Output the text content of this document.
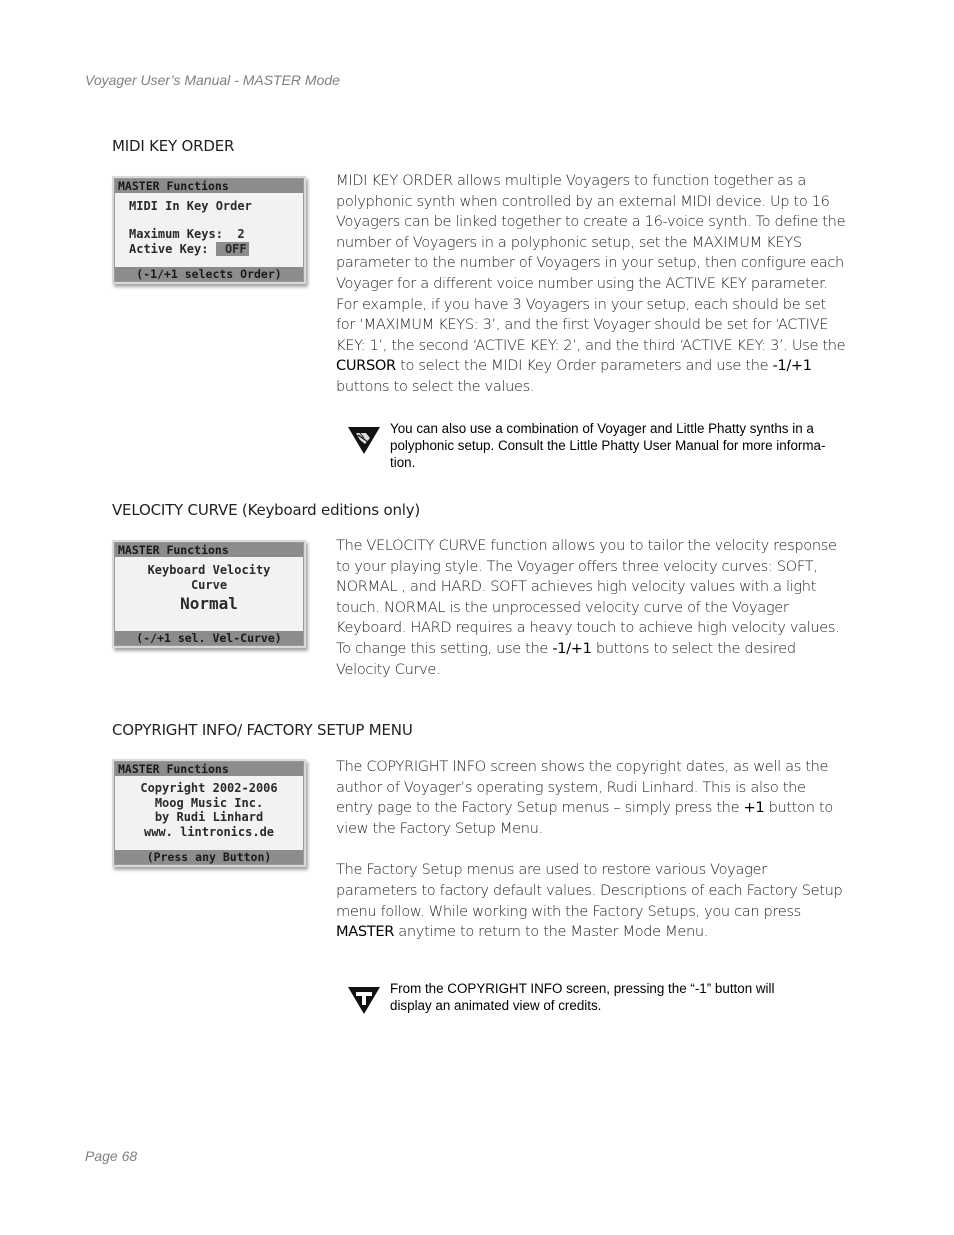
Voyager User’s Manual - MASTER Mode
MIDI KEY ORDER
MASTER Functions
MIDI In Key Order
Maximum Keys:  2
Active Key:  OFF
(-1/+1 selects Order)

MIDI KEY ORDER allows multiple Voyagers to function together as a polyphonic synth when controlled by an external MIDI device. Up to 16 Voyagers can be linked together to create a 16-voice synth. To define the number of Voyagers in a polyphonic setup, set the MAXIMUM KEYS parameter to the number of Voyagers in your setup, then configure each Voyager for a different voice number using the ACTIVE KEY parameter. For example, if you have 3 Voyagers in your setup, each should be set for ‘MAXIMUM KEYS: 3’, and the first Voyager should be set for ‘ACTIVE KEY: 1’, the second ‘ACTIVE KEY: 2’, and the third ‘ACTIVE KEY: 3’. Use the CURSOR to select the MIDI Key Order parameters and use the -1/+1 buttons to select the values.

You can also use a combination of Voyager and Little Phatty synths in a polyphonic setup. Consult the Little Phatty User Manual for more informa-tion.
VELOCITY CURVE (Keyboard editions only)
MASTER Functions
Keyboard Velocity
Curve
Normal
(-/+1 sel. Vel-Curve)

The VELOCITY CURVE function allows you to tailor the velocity response to your playing style. The Voyager offers three velocity curves: SOFT, NORMAL , and HARD. SOFT achieves high velocity values with a light touch. NORMAL is the unprocessed velocity curve of the Voyager Keyboard. HARD requires a heavy touch to achieve high velocity values. To change this setting, use the -1/+1 buttons to select the desired Velocity Curve.

COPYRIGHT INFO/ FACTORY SETUP MENU
MASTER Functions
Copyright 2002-2006
Moog Music Inc.
by Rudi Linhard
www. lintronics.de
(Press any Button)

The COPYRIGHT INFO screen shows the copyright dates, as well as the author of Voyager’s operating system, Rudi Linhard. This is also the entry page to the Factory Setup menus – simply press the +1 button to view the Factory Setup Menu.

The Factory Setup menus are used to restore various Voyager parameters to factory default values. Descriptions of each Factory Setup menu follow. While working with the Factory Setups, you can press MASTER anytime to return to the Master Mode Menu.

From the COPYRIGHT INFO screen, pressing the “-1” button will display an animated view of credits.
Page 68
